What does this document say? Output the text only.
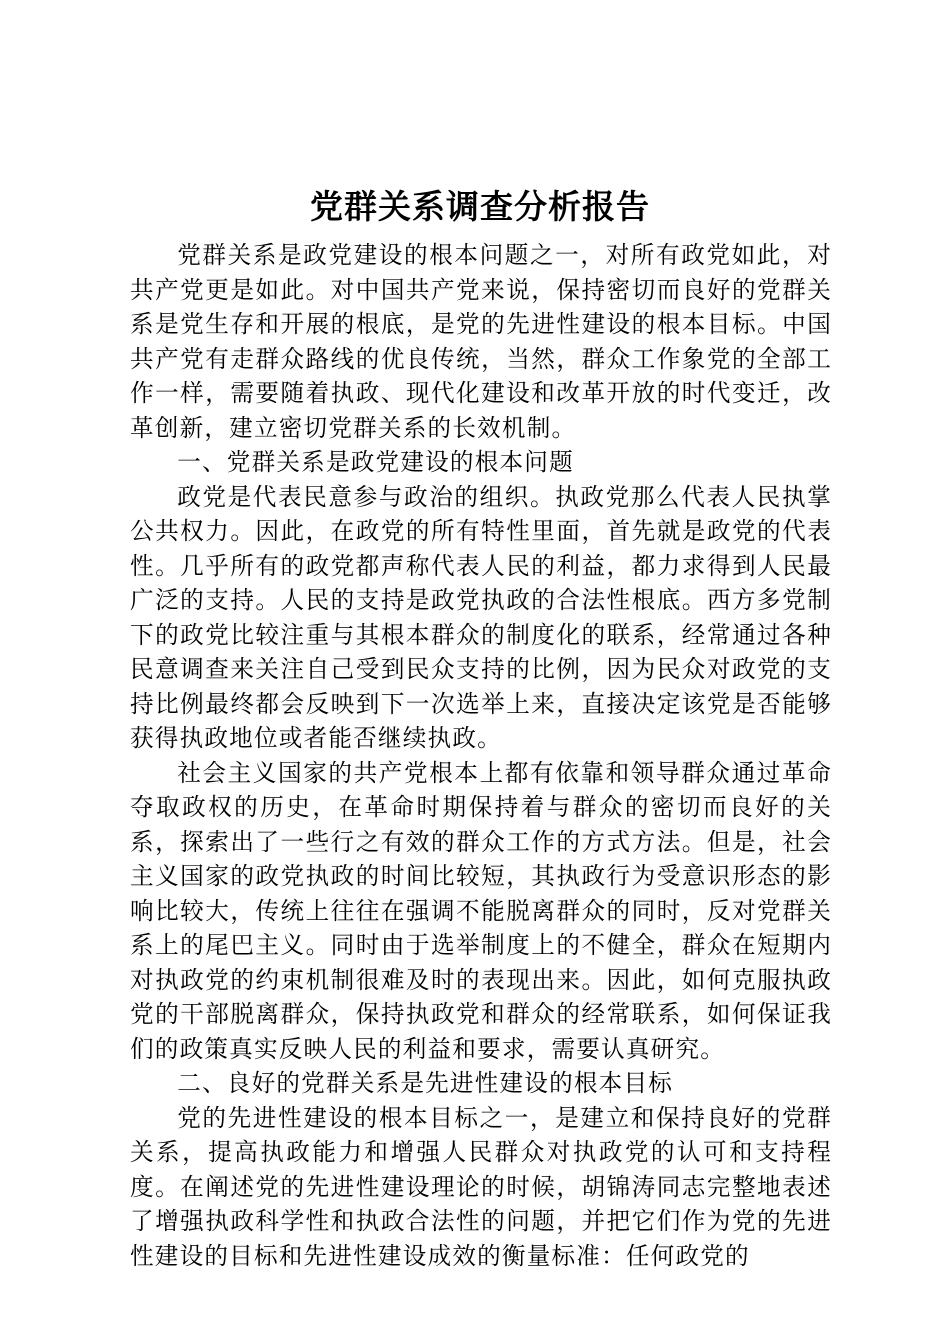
党群关系调查分析报告

党群关系是政党建设的根本问题之一，对所有政党如此，对共产党更是如此。对中国共产党来说，保持密切而良好的党群关系是党生存和开展的根底，是党的先进性建设的根本目标。中国共产党有走群众路线的优良传统，当然，群众工作象党的全部工作一样，需要随着执政、现代化建设和改革开放的时代变迁，改革创新，建立密切党群关系的长效机制。

一、党群关系是政党建设的根本问题

政党是代表民意参与政治的组织。执政党那么代表人民执掌公共权力。因此，在政党的所有特性里面，首先就是政党的代表性。几乎所有的政党都声称代表人民的利益，都力求得到人民最广泛的支持。人民的支持是政党执政的合法性根底。西方多党制下的政党比较注重与其根本群众的制度化的联系，经常通过各种民意调查来关注自己受到民众支持的比例，因为民众对政党的支持比例最终都会反映到下一次选举上来，直接决定该党是否能够获得执政地位或者能否继续执政。

社会主义国家的共产党根本上都有依靠和领导群众通过革命夺取政权的历史，在革命时期保持着与群众的密切而良好的关系，探索出了一些行之有效的群众工作的方式方法。但是，社会主义国家的政党执政的时间比较短，其执政行为受意识形态的影响比较大，传统上往往在强调不能脱离群众的同时，反对党群关系上的尾巴主义。同时由于选举制度上的不健全，群众在短期内对执政党的约束机制很难及时的表现出来。因此，如何克服执政党的干部脱离群众，保持执政党和群众的经常联系，如何保证我们的政策真实反映人民的利益和要求，需要认真研究。

二、良好的党群关系是先进性建设的根本目标

党的先进性建设的根本目标之一，是建立和保持良好的党群关系，提高执政能力和增强人民群众对执政党的认可和支持程度。在阐述党的先进性建设理论的时候，胡锦涛同志完整地表述了增强执政科学性和执政合法性的问题，并把它们作为党的先进性建设的目标和先进性建设成效的衡量标准：任何政党的
